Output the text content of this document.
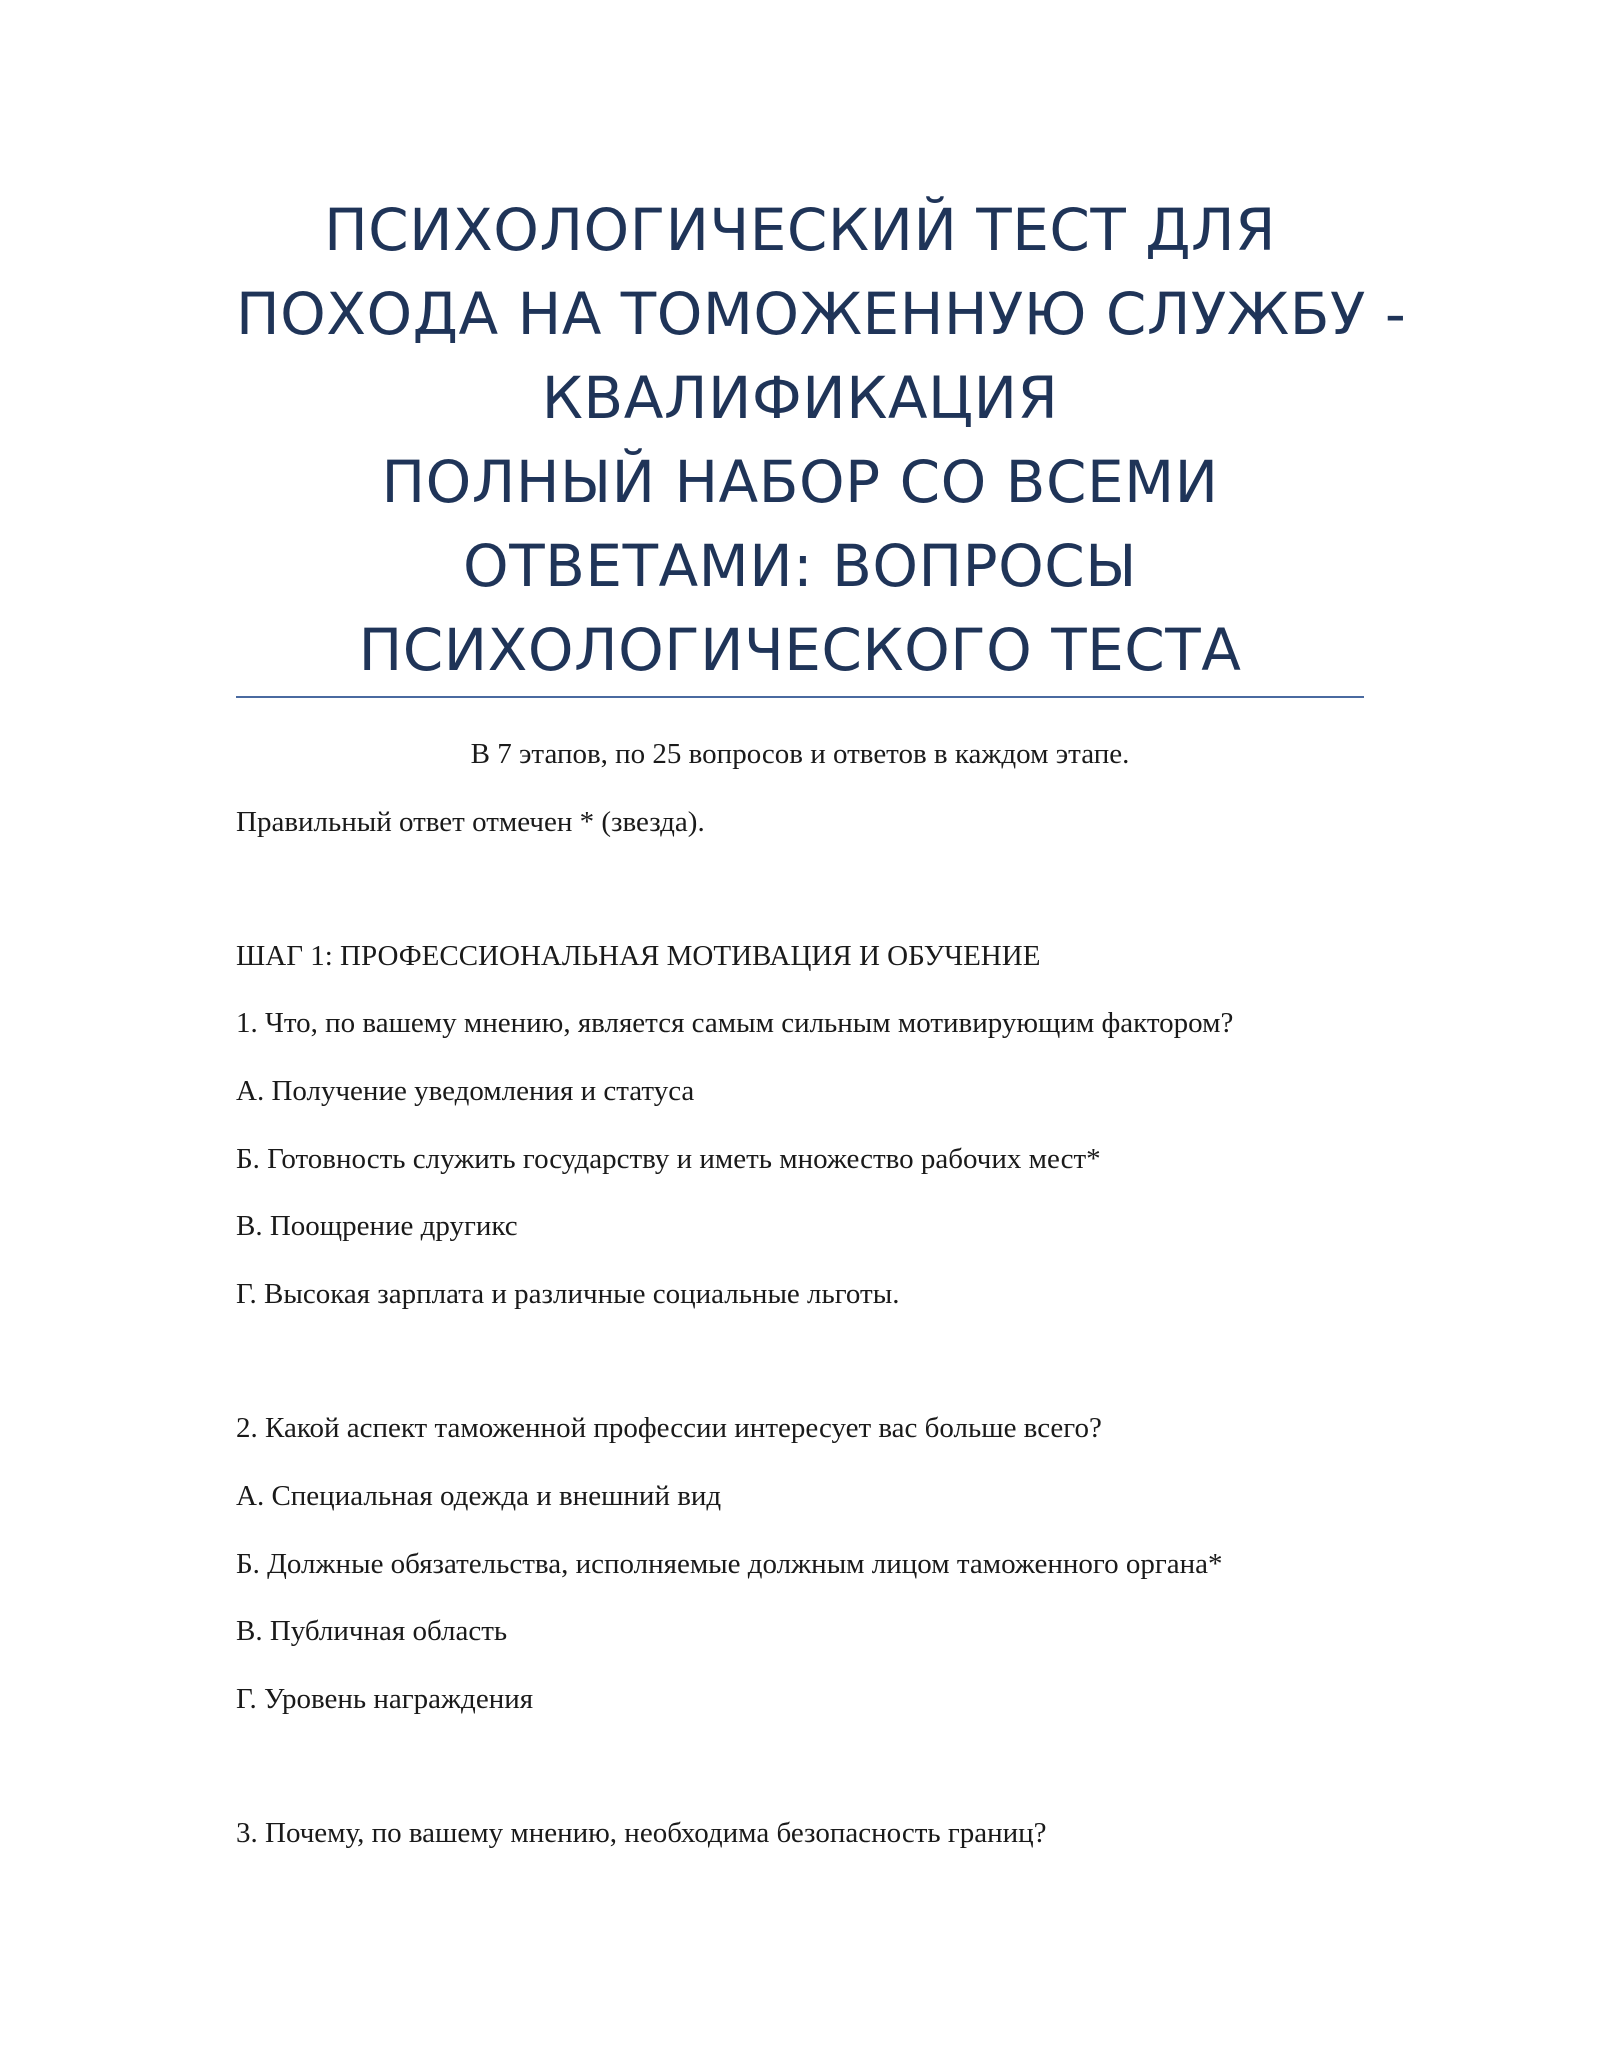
ПСИХОЛОГИЧЕСКИЙ ТЕСТ ДЛЯ
ПОХОДА НА ТОМОЖЕННУЮ СЛУЖБУ -
КВАЛИФИКАЦИЯ
ПОЛНЫЙ НАБОР СО ВСЕМИ
ОТВЕТАМИ: ВОПРОСЫ
ПСИХОЛОГИЧЕСКОГО ТЕСТА
В 7 этапов, по 25 вопросов и ответов в каждом этапе.
Правильный ответ отмечен * (звезда).
ШАГ 1: ПРОФЕССИОНАЛЬНАЯ МОТИВАЦИЯ И ОБУЧЕНИЕ
1. Что, по вашему мнению, является самым сильным мотивирующим фактором?
А. Получение уведомления и статуса
Б. Готовность служить государству и иметь множество рабочих мест*
В. Поощрение другикс
Г. Высокая зарплата и различные социальные льготы.
2. Какой аспект таможенной профессии интересует вас больше всего?
А. Специальная одежда и внешний вид
Б. Должные обязательства, исполняемые должным лицом таможенного органа*
В. Публичная область
Г. Уровень награждения
3. Почему, по вашему мнению, необходима безопасность границ?
